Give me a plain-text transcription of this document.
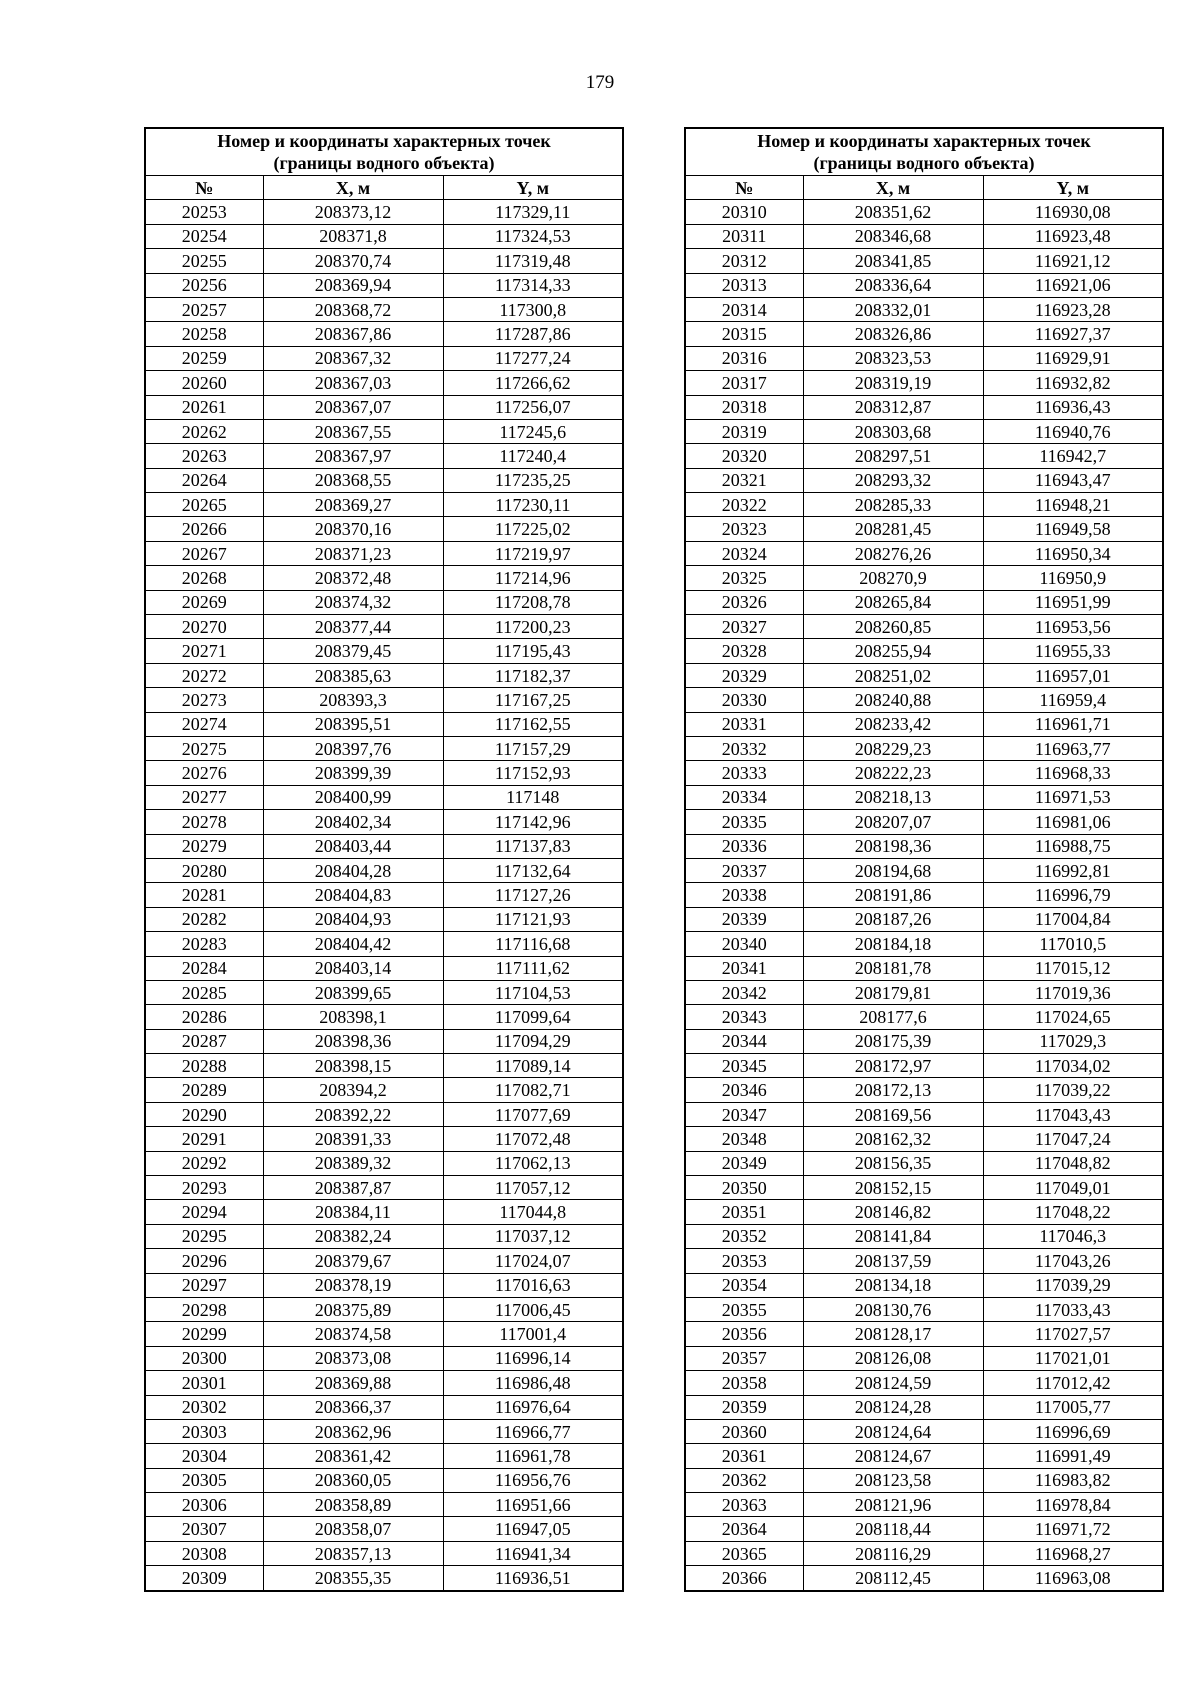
179
Номер и координаты характерных точек
(границы водного объекта)		

№	X, м	Y, м
20253	208373,12	117329,11
20254	208371,8	117324,53
20255	208370,74	117319,48
20256	208369,94	117314,33
20257	208368,72	117300,8
20258	208367,86	117287,86
20259	208367,32	117277,24
20260	208367,03	117266,62
20261	208367,07	117256,07
20262	208367,55	117245,6
20263	208367,97	117240,4
20264	208368,55	117235,25
20265	208369,27	117230,11
20266	208370,16	117225,02
20267	208371,23	117219,97
20268	208372,48	117214,96
20269	208374,32	117208,78
20270	208377,44	117200,23
20271	208379,45	117195,43
20272	208385,63	117182,37
20273	208393,3	117167,25
20274	208395,51	117162,55
20275	208397,76	117157,29
20276	208399,39	117152,93
20277	208400,99	117148
20278	208402,34	117142,96
20279	208403,44	117137,83
20280	208404,28	117132,64
20281	208404,83	117127,26
20282	208404,93	117121,93
20283	208404,42	117116,68
20284	208403,14	117111,62
20285	208399,65	117104,53
20286	208398,1	117099,64
20287	208398,36	117094,29
20288	208398,15	117089,14
20289	208394,2	117082,71
20290	208392,22	117077,69
20291	208391,33	117072,48
20292	208389,32	117062,13
20293	208387,87	117057,12
20294	208384,11	117044,8
20295	208382,24	117037,12
20296	208379,67	117024,07
20297	208378,19	117016,63
20298	208375,89	117006,45
20299	208374,58	117001,4
20300	208373,08	116996,14
20301	208369,88	116986,48
20302	208366,37	116976,64
20303	208362,96	116966,77
20304	208361,42	116961,78
20305	208360,05	116956,76
20306	208358,89	116951,66
20307	208358,07	116947,05
20308	208357,13	116941,34
20309	208355,35	116936,51
Номер и координаты характерных точек
(границы водного объекта)		

№	X, м	Y, м
20310	208351,62	116930,08
20311	208346,68	116923,48
20312	208341,85	116921,12
20313	208336,64	116921,06
20314	208332,01	116923,28
20315	208326,86	116927,37
20316	208323,53	116929,91
20317	208319,19	116932,82
20318	208312,87	116936,43
20319	208303,68	116940,76
20320	208297,51	116942,7
20321	208293,32	116943,47
20322	208285,33	116948,21
20323	208281,45	116949,58
20324	208276,26	116950,34
20325	208270,9	116950,9
20326	208265,84	116951,99
20327	208260,85	116953,56
20328	208255,94	116955,33
20329	208251,02	116957,01
20330	208240,88	116959,4
20331	208233,42	116961,71
20332	208229,23	116963,77
20333	208222,23	116968,33
20334	208218,13	116971,53
20335	208207,07	116981,06
20336	208198,36	116988,75
20337	208194,68	116992,81
20338	208191,86	116996,79
20339	208187,26	117004,84
20340	208184,18	117010,5
20341	208181,78	117015,12
20342	208179,81	117019,36
20343	208177,6	117024,65
20344	208175,39	117029,3
20345	208172,97	117034,02
20346	208172,13	117039,22
20347	208169,56	117043,43
20348	208162,32	117047,24
20349	208156,35	117048,82
20350	208152,15	117049,01
20351	208146,82	117048,22
20352	208141,84	117046,3
20353	208137,59	117043,26
20354	208134,18	117039,29
20355	208130,76	117033,43
20356	208128,17	117027,57
20357	208126,08	117021,01
20358	208124,59	117012,42
20359	208124,28	117005,77
20360	208124,64	116996,69
20361	208124,67	116991,49
20362	208123,58	116983,82
20363	208121,96	116978,84
20364	208118,44	116971,72
20365	208116,29	116968,27
20366	208112,45	116963,08
